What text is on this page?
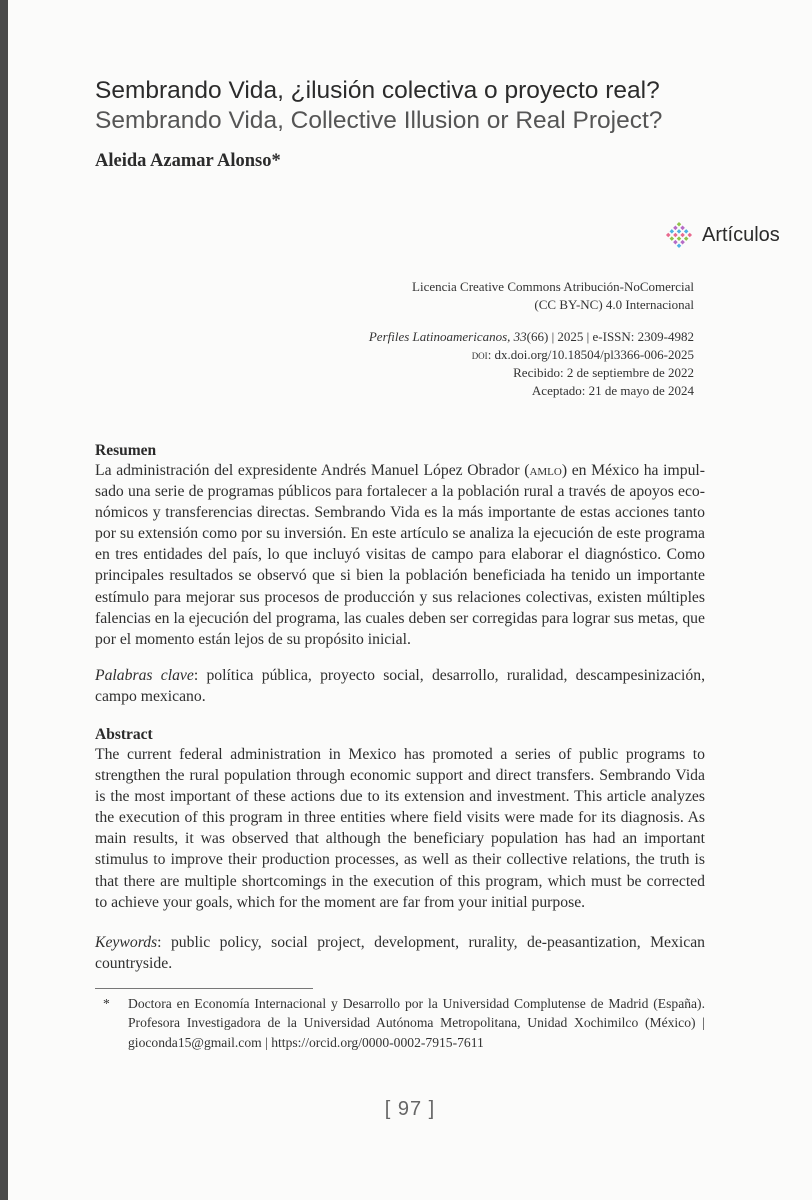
Sembrando Vida, ¿ilusión colectiva o proyecto real?
Sembrando Vida, Collective Illusion or Real Project?
Aleida Azamar Alonso*
Artículos
Licencia Creative Commons Atribución-NoComercial
(CC BY-NC) 4.0 Internacional
Perfiles Latinoamericanos, 33(66) | 2025 | e-ISSN: 2309-4982
doi: dx.doi.org/10.18504/pl3366-006-2025
Recibido: 2 de septiembre de 2022
Aceptado: 21 de mayo de 2024
Resumen
La administración del expresidente Andrés Manuel López Obrador (amlo) en México ha impul-
sado una serie de programas públicos para fortalecer a la población rural a través de apoyos eco-
nómicos y transferencias directas. Sembrando Vida es la más importante de estas acciones tanto
por su extensión como por su inversión. En este artículo se analiza la ejecución de este programa
en tres entidades del país, lo que incluyó visitas de campo para elaborar el diagnóstico. Como
principales resultados se observó que si bien la población beneficiada ha tenido un importante
estímulo para mejorar sus procesos de producción y sus relaciones colectivas, existen múltiples
falencias en la ejecución del programa, las cuales deben ser corregidas para lograr sus metas, que
por el momento están lejos de su propósito inicial.
Palabras clave: política pública, proyecto social, desarrollo, ruralidad, descampesinización,
campo mexicano.
Abstract
The current federal administration in Mexico has promoted a series of public programs to
strengthen the rural population through economic support and direct transfers. Sembrando Vida
is the most important of these actions due to its extension and investment. This article analyzes
the execution of this program in three entities where field visits were made for its diagnosis. As
main results, it was observed that although the beneficiary population has had an important
stimulus to improve their production processes, as well as their collective relations, the truth is
that there are multiple shortcomings in the execution of this program, which must be corrected
to achieve your goals, which for the moment are far from your initial purpose.
Keywords: public policy, social project, development, rurality, de-peasantization, Mexican
countryside.
* Doctora en Economía Internacional y Desarrollo por la Universidad Complutense de Madrid (España).
Profesora Investigadora de la Universidad Autónoma Metropolitana, Unidad Xochimilco (México) |
gioconda15@gmail.com | https://orcid.org/0000-0002-7915-7611
[ 97 ]
